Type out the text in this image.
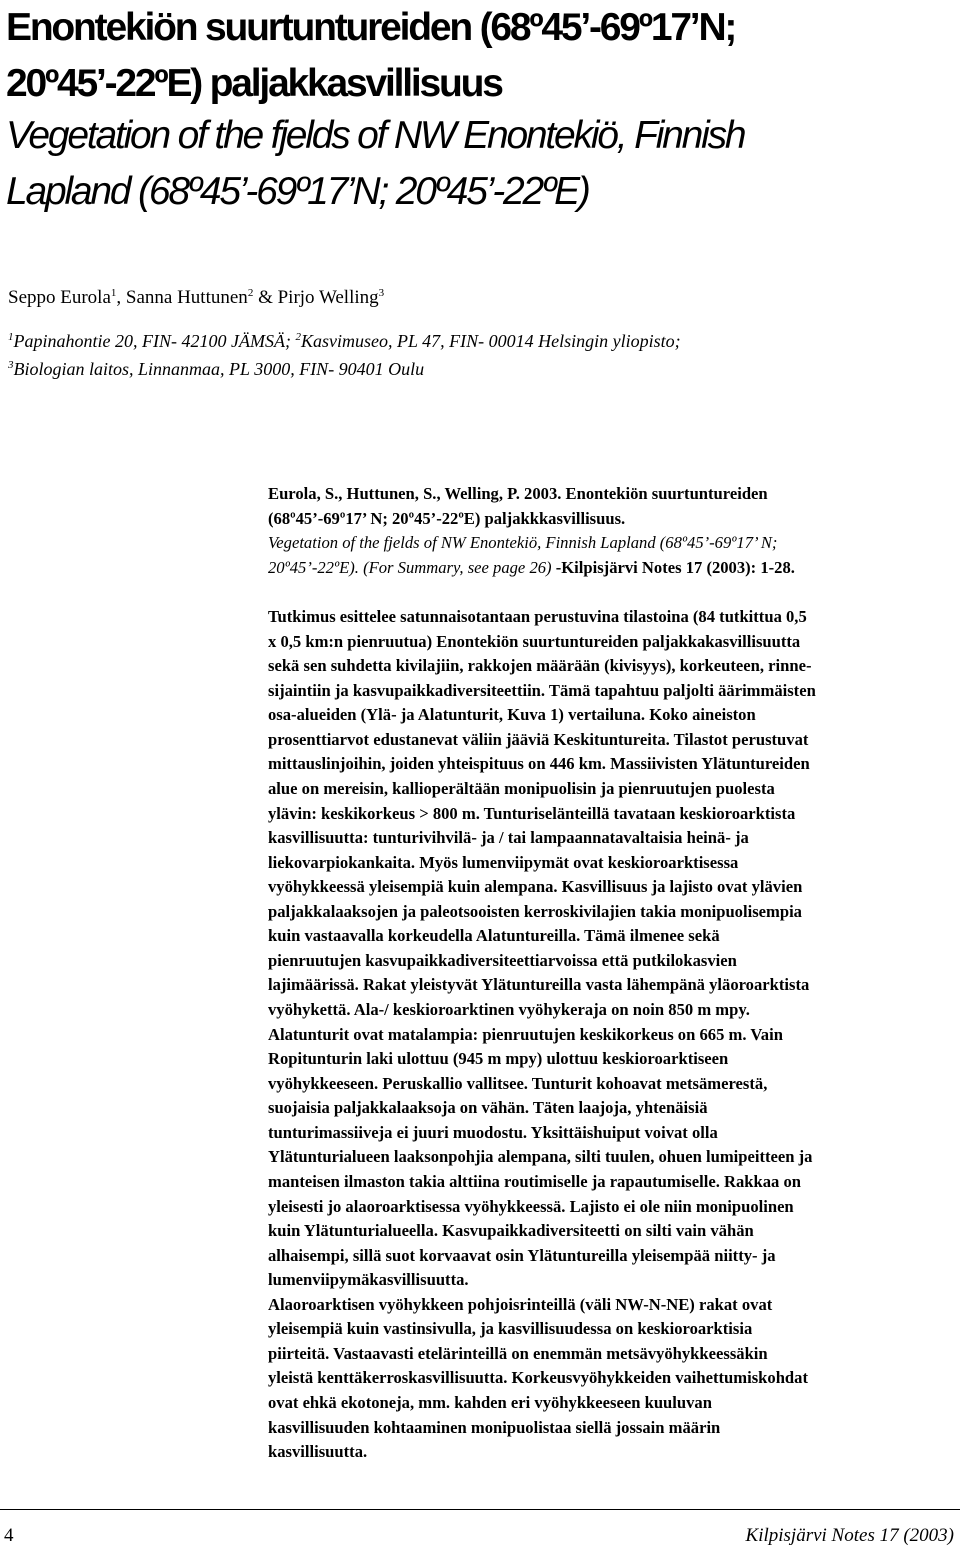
Enontekiön suurtuntureiden (68º45’-69º17’N;
20º45’-22ºE) paljakkasvillisuus
Vegetation of the fjelds of NW Enontekiö, Finnish
Lapland (68º45’-69º17’N; 20º45’-22ºE)

Seppo Eurola$^1$, Sanna Huttunen$^2$ & Pirjo Welling$^3$

$^1$Papinahontie 20, FIN- 42100 JÄMSÄ; $^2$Kasvimuseo, PL 47, FIN- 00014 Helsingin yliopisto;
$^3$Biologian laitos, Linnanmaa, PL 3000, FIN- 90401 Oulu

Eurola, S., Huttunen, S., Welling, P. 2003. Enontekiön suurtuntureiden
(68º45’-69º17’ N; 20º45’-22ºE) paljakkkasvillisuus.
Vegetation of the fjelds of NW Enontekiö, Finnish Lapland (68º45’-69º17’ N;
20º45’-22ºE). (For Summary, see page 26) -Kilpisjärvi Notes 17 (2003): 1-28.

Tutkimus esittelee satunnaisotantaan perustuvina tilastoina (84 tutkittua 0,5
x 0,5 km:n pienruutua) Enontekiön suurtuntureiden paljakkakasvillisuutta
sekä sen suhdetta kivilajiin, rakkojen määrään (kivisyys), korkeuteen, rinne-
sijaintiin ja kasvupaikkadiversiteettiin. Tämä tapahtuu paljolti äärimmäisten
osa-alueiden (Ylä- ja Alatunturit, Kuva 1) vertailuna. Koko aineiston
prosenttiarvot edustanevat väliin jääviä Keskituntureita. Tilastot perustuvat
mittauslinjoihin, joiden yhteispituus on 446 km. Massiivisten Ylätuntureiden
alue on mereisin, kallioperältään monipuolisin ja pienruutujen puolesta
ylävin: keskikorkeus > 800 m. Tunturiselänteillä tavataan keskioroarktista
kasvillisuutta: tunturivihvilä- ja / tai lampaannatavaltaisia heinä- ja
liekovarpiokankaita. Myös lumenviipymät ovat keskioroarktisessa
vyöhykkeessä yleisempiä kuin alempana. Kasvillisuus ja lajisto ovat ylävien
paljakkalaaksojen ja paleotsooisten kerroskivilajien takia monipuolisempia
kuin vastaavalla korkeudella Alatuntureilla. Tämä ilmenee sekä
pienruutujen kasvupaikkadiversiteettiarvoissa että putkilokasvien
lajimäärissä. Rakat yleistyvät Ylätuntureilla vasta lähempänä yläoroarktista
vyöhykettä. Ala-/ keskioroarktinen vyöhykeraja on noin 850 m mpy.
Alatunturit ovat matalampia: pienruutujen keskikorkeus on 665 m. Vain
Ropitunturin laki ulottuu (945 m mpy) ulottuu keskioroarktiseen
vyöhykkeeseen. Peruskallio vallitsee. Tunturit kohoavat metsämerestä,
suojaisia paljakkalaaksoja on vähän. Täten laajoja, yhtenäisiä
tunturimassiiveja ei juuri muodostu. Yksittäishuiput voivat olla
Ylätunturialueen laaksonpohjia alempana, silti tuulen, ohuen lumipeitteen ja
manteisen ilmaston takia alttiina routimiselle ja rapautumiselle. Rakkaa on
yleisesti jo alaoroarktisessa vyöhykkeessä. Lajisto ei ole niin monipuolinen
kuin Ylätunturialueella. Kasvupaikkadiversiteetti on silti vain vähän
alhaisempi, sillä suot korvaavat osin Ylätuntureilla yleisempää niitty- ja
lumenviipymäkasvillisuutta.
Alaoroarktisen vyöhykkeen pohjoisrinteillä (väli NW-N-NE) rakat ovat
yleisempiä kuin vastinsivulla, ja kasvillisuudessa on keskioroarktisia
piirteitä. Vastaavasti etelärinteillä on enemmän metsävyöhykkeessäkin
yleistä kenttäkerroskasvillisuutta. Korkeusvyöhykkeiden vaihettumiskohdat
ovat ehkä ekotoneja, mm. kahden eri vyöhykkeeseen kuuluvan
kasvillisuuden kohtaaminen monipuolistaa siellä jossain määrin
kasvillisuutta.
4	Kilpisjärvi Notes 17 (2003)
